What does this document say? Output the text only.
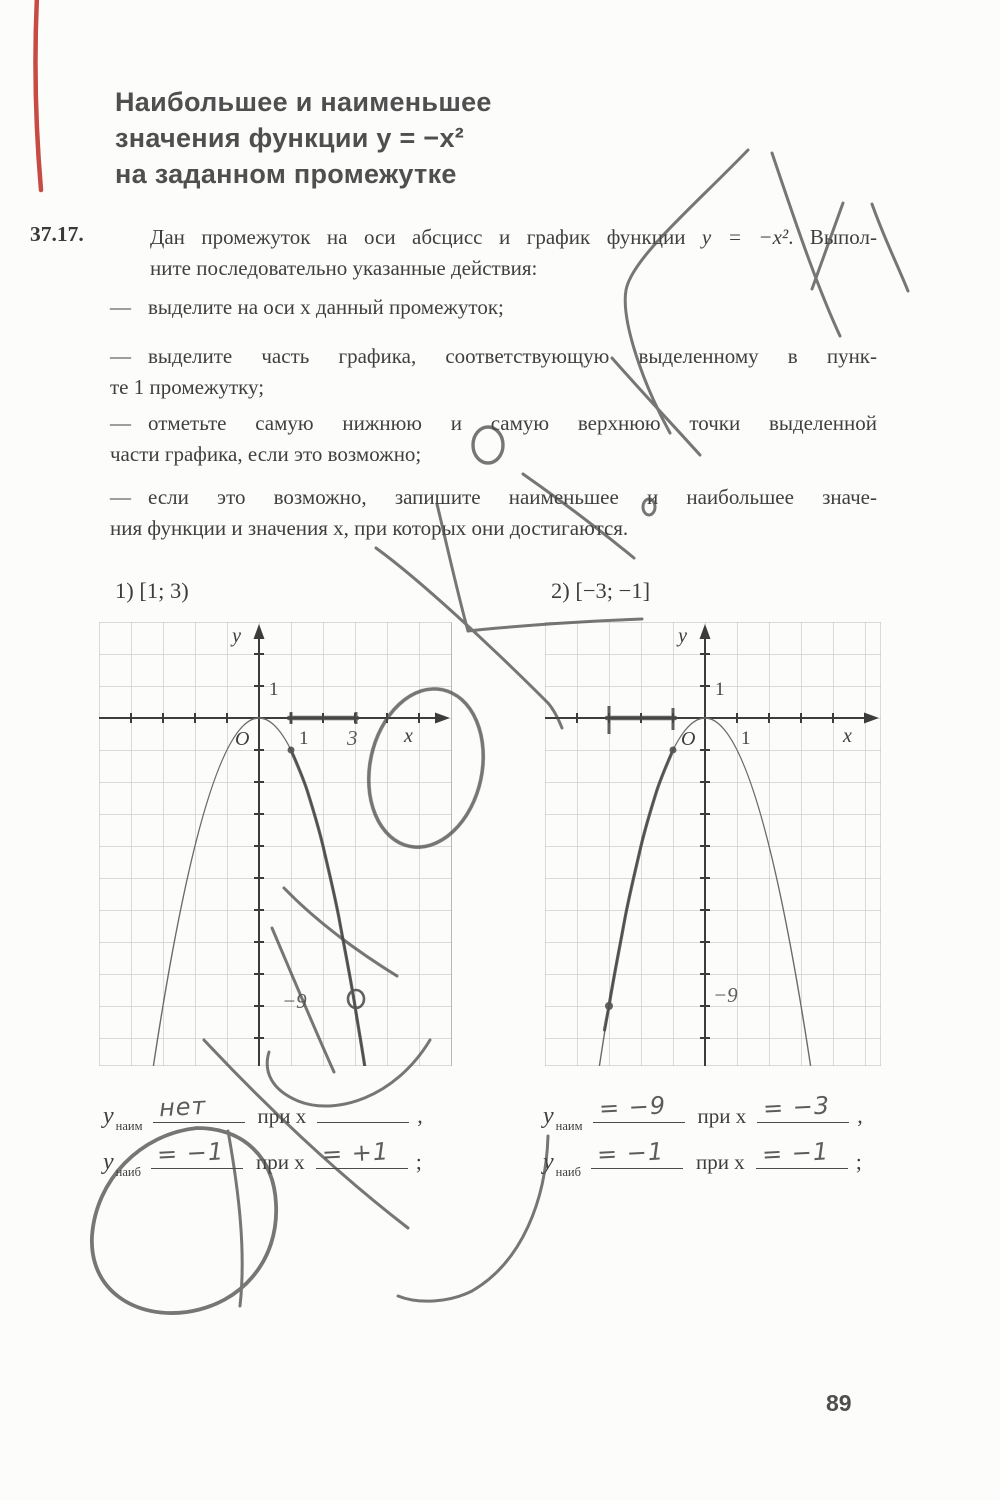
Наибольшее и наименьшее
значения функции y = −x²
на заданном промежутке
37.17.	Дан промежуток на оси абсцисс и график функции y = −x². Выпол-
ните последовательно указанные действия:
— выделите на оси x данный промежуток;
— выделите часть графика, соответствующую выделенному в пунк-
те 1 промежутку;
— отметьте самую нижнюю и самую верхнюю точки выделенной
части графика, если это возможно;
— если это возможно, запишите наименьшее и наибольшее значе-
ния функции и значения x, при которых они достигаются.
1) [1; 3)	2) [−3; −1]
y
x
O
1
1 3
−9
y
x
O
1
1
−9
y наим
нет при x	,
y наиб
= −1 при x = +1 ;
y наим
= −9 при x = −3 ,
y наиб
= −1 при x = −1 ;
89
